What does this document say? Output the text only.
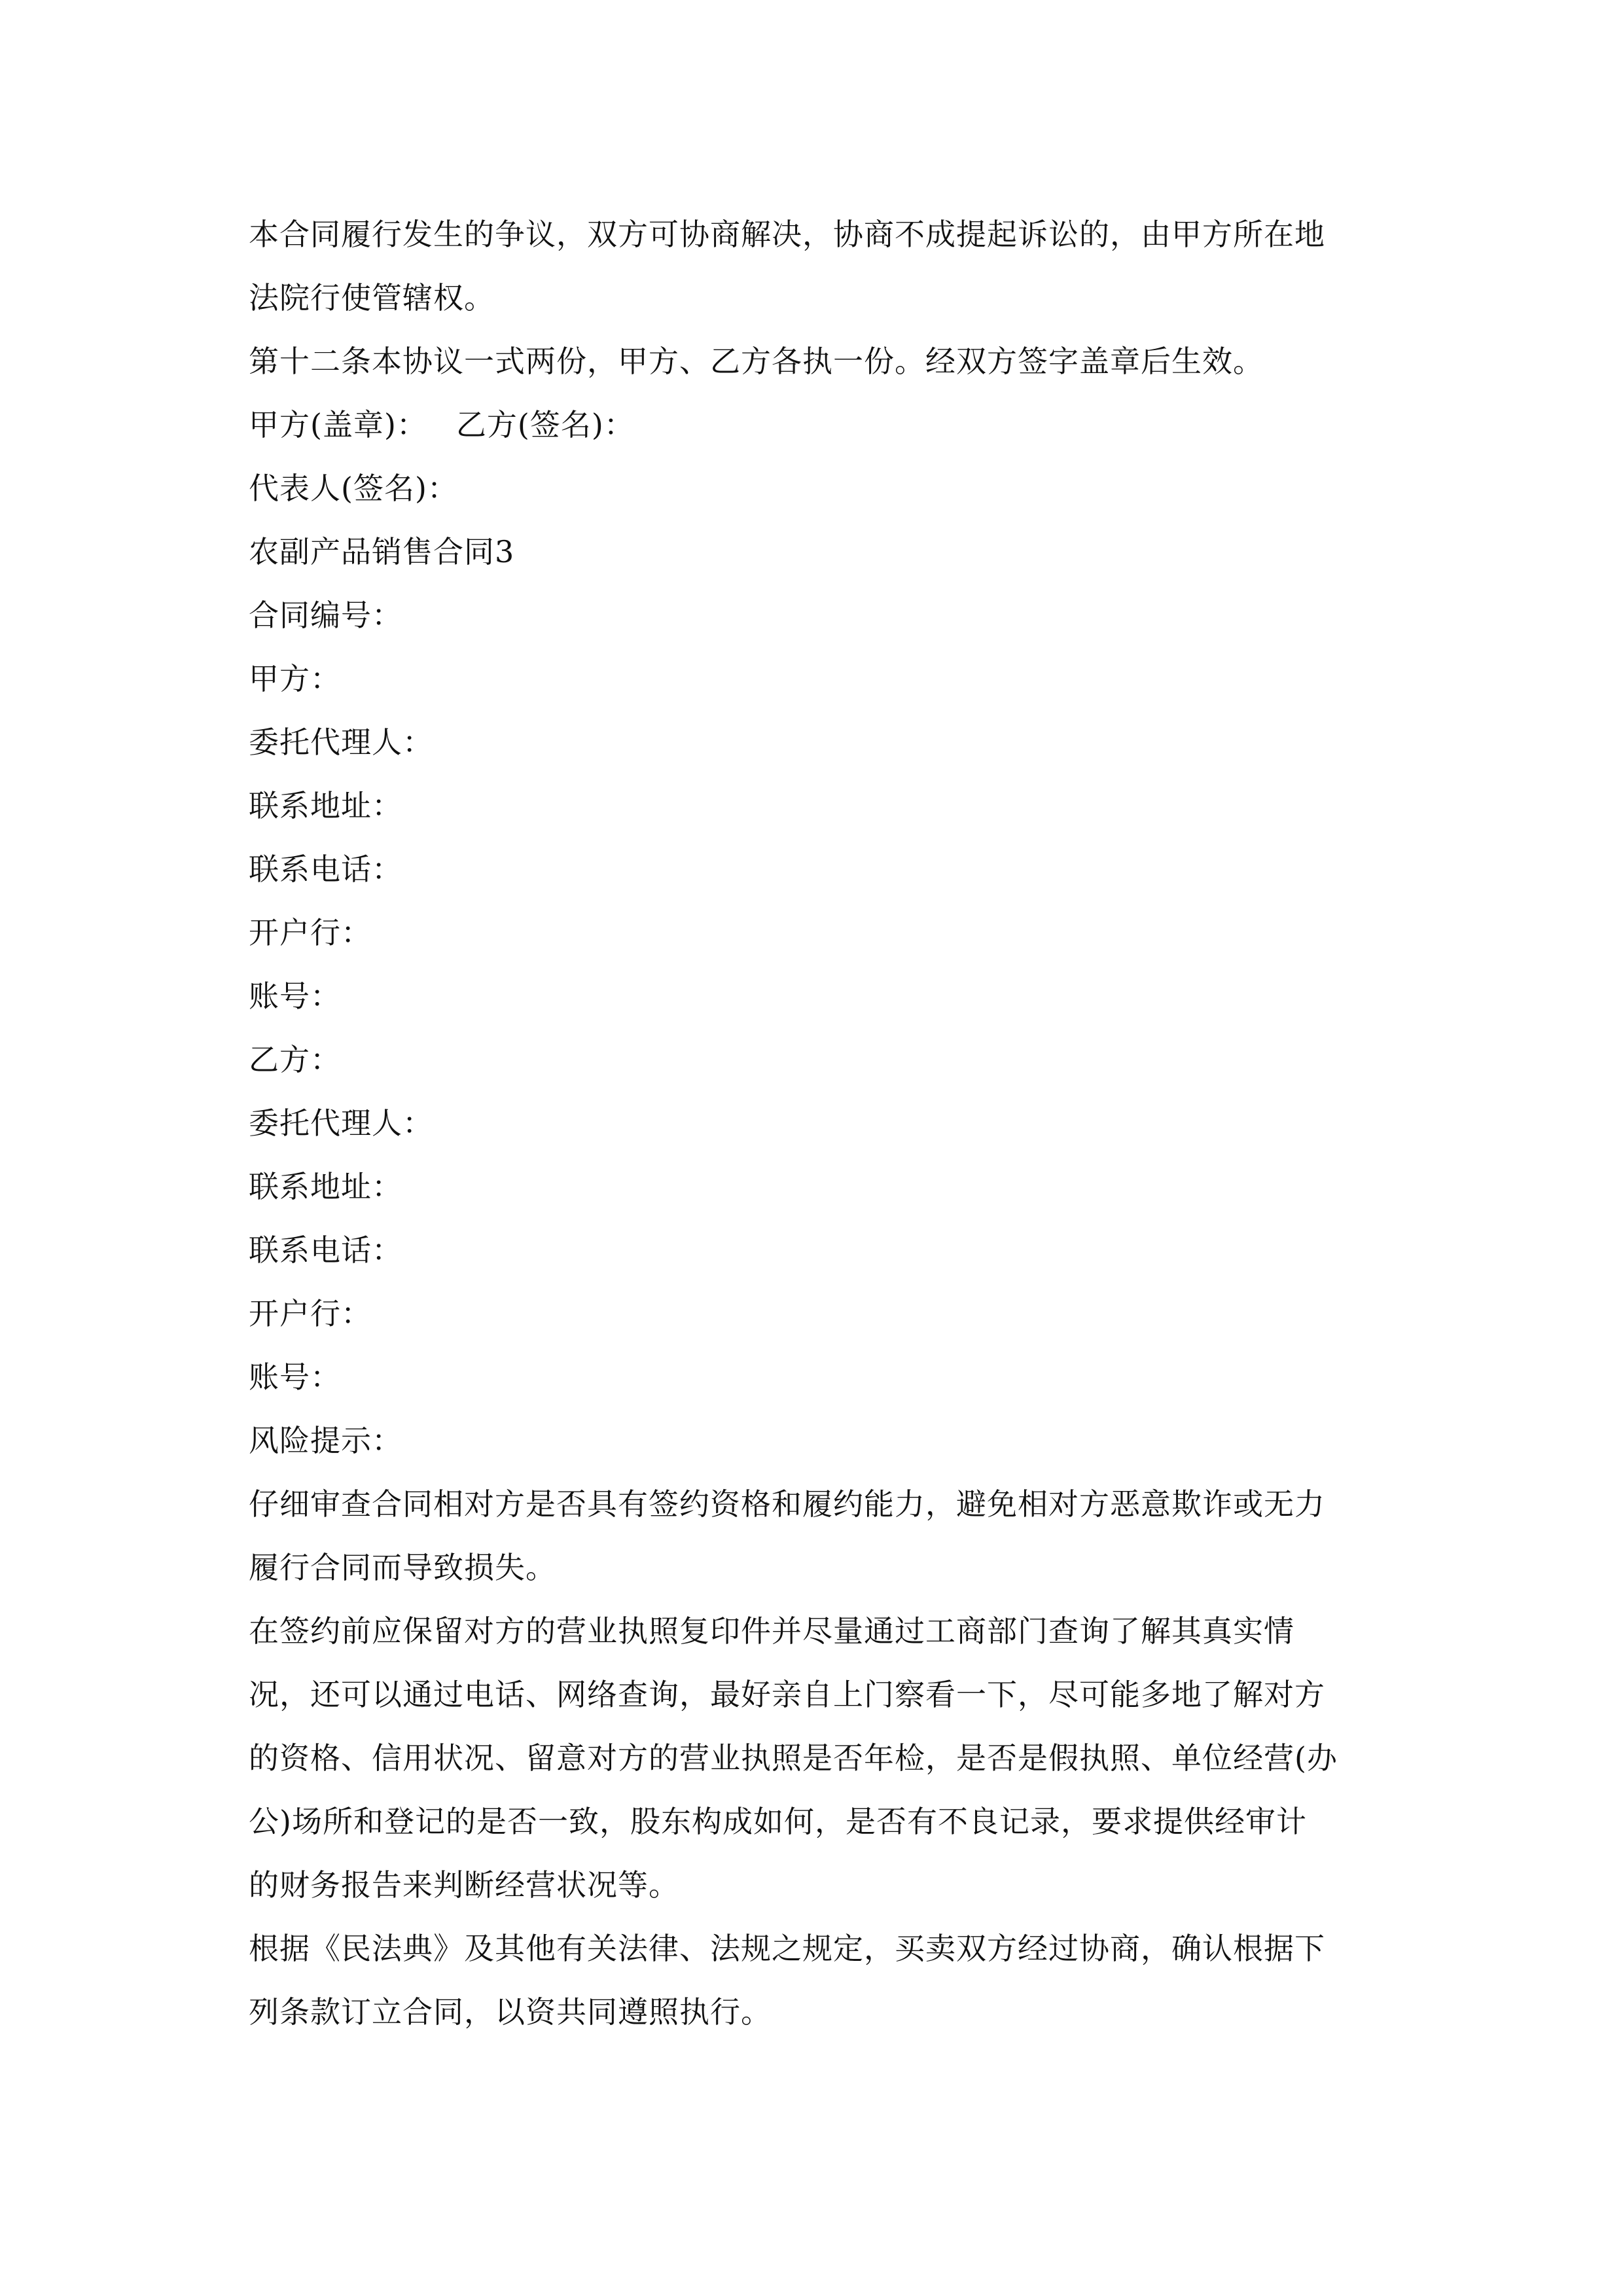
本合同履行发生的争议，双方可协商解决，协商不成提起诉讼的，由甲方所在地

法院行使管辖权。

第十二条本协议一式两份，甲方、乙方各执一份。经双方签字盖章后生效。

甲方(盖章)： 乙方(签名)：

代表人(签名)：

农副产品销售合同3

合同编号：

甲方：

委托代理人：

联系地址：

联系电话：

开户行：

账号：

乙方：

委托代理人：

联系地址：

联系电话：

开户行：

账号：

风险提示：

仔细审查合同相对方是否具有签约资格和履约能力，避免相对方恶意欺诈或无力

履行合同而导致损失。

在签约前应保留对方的营业执照复印件并尽量通过工商部门查询了解其真实情

况，还可以通过电话、网络查询，最好亲自上门察看一下，尽可能多地了解对方

的资格、信用状况、留意对方的营业执照是否年检，是否是假执照、单位经营(办

公)场所和登记的是否一致，股东构成如何，是否有不良记录，要求提供经审计

的财务报告来判断经营状况等。

根据《民法典》及其他有关法律、法规之规定，买卖双方经过协商，确认根据下

列条款订立合同，以资共同遵照执行。
